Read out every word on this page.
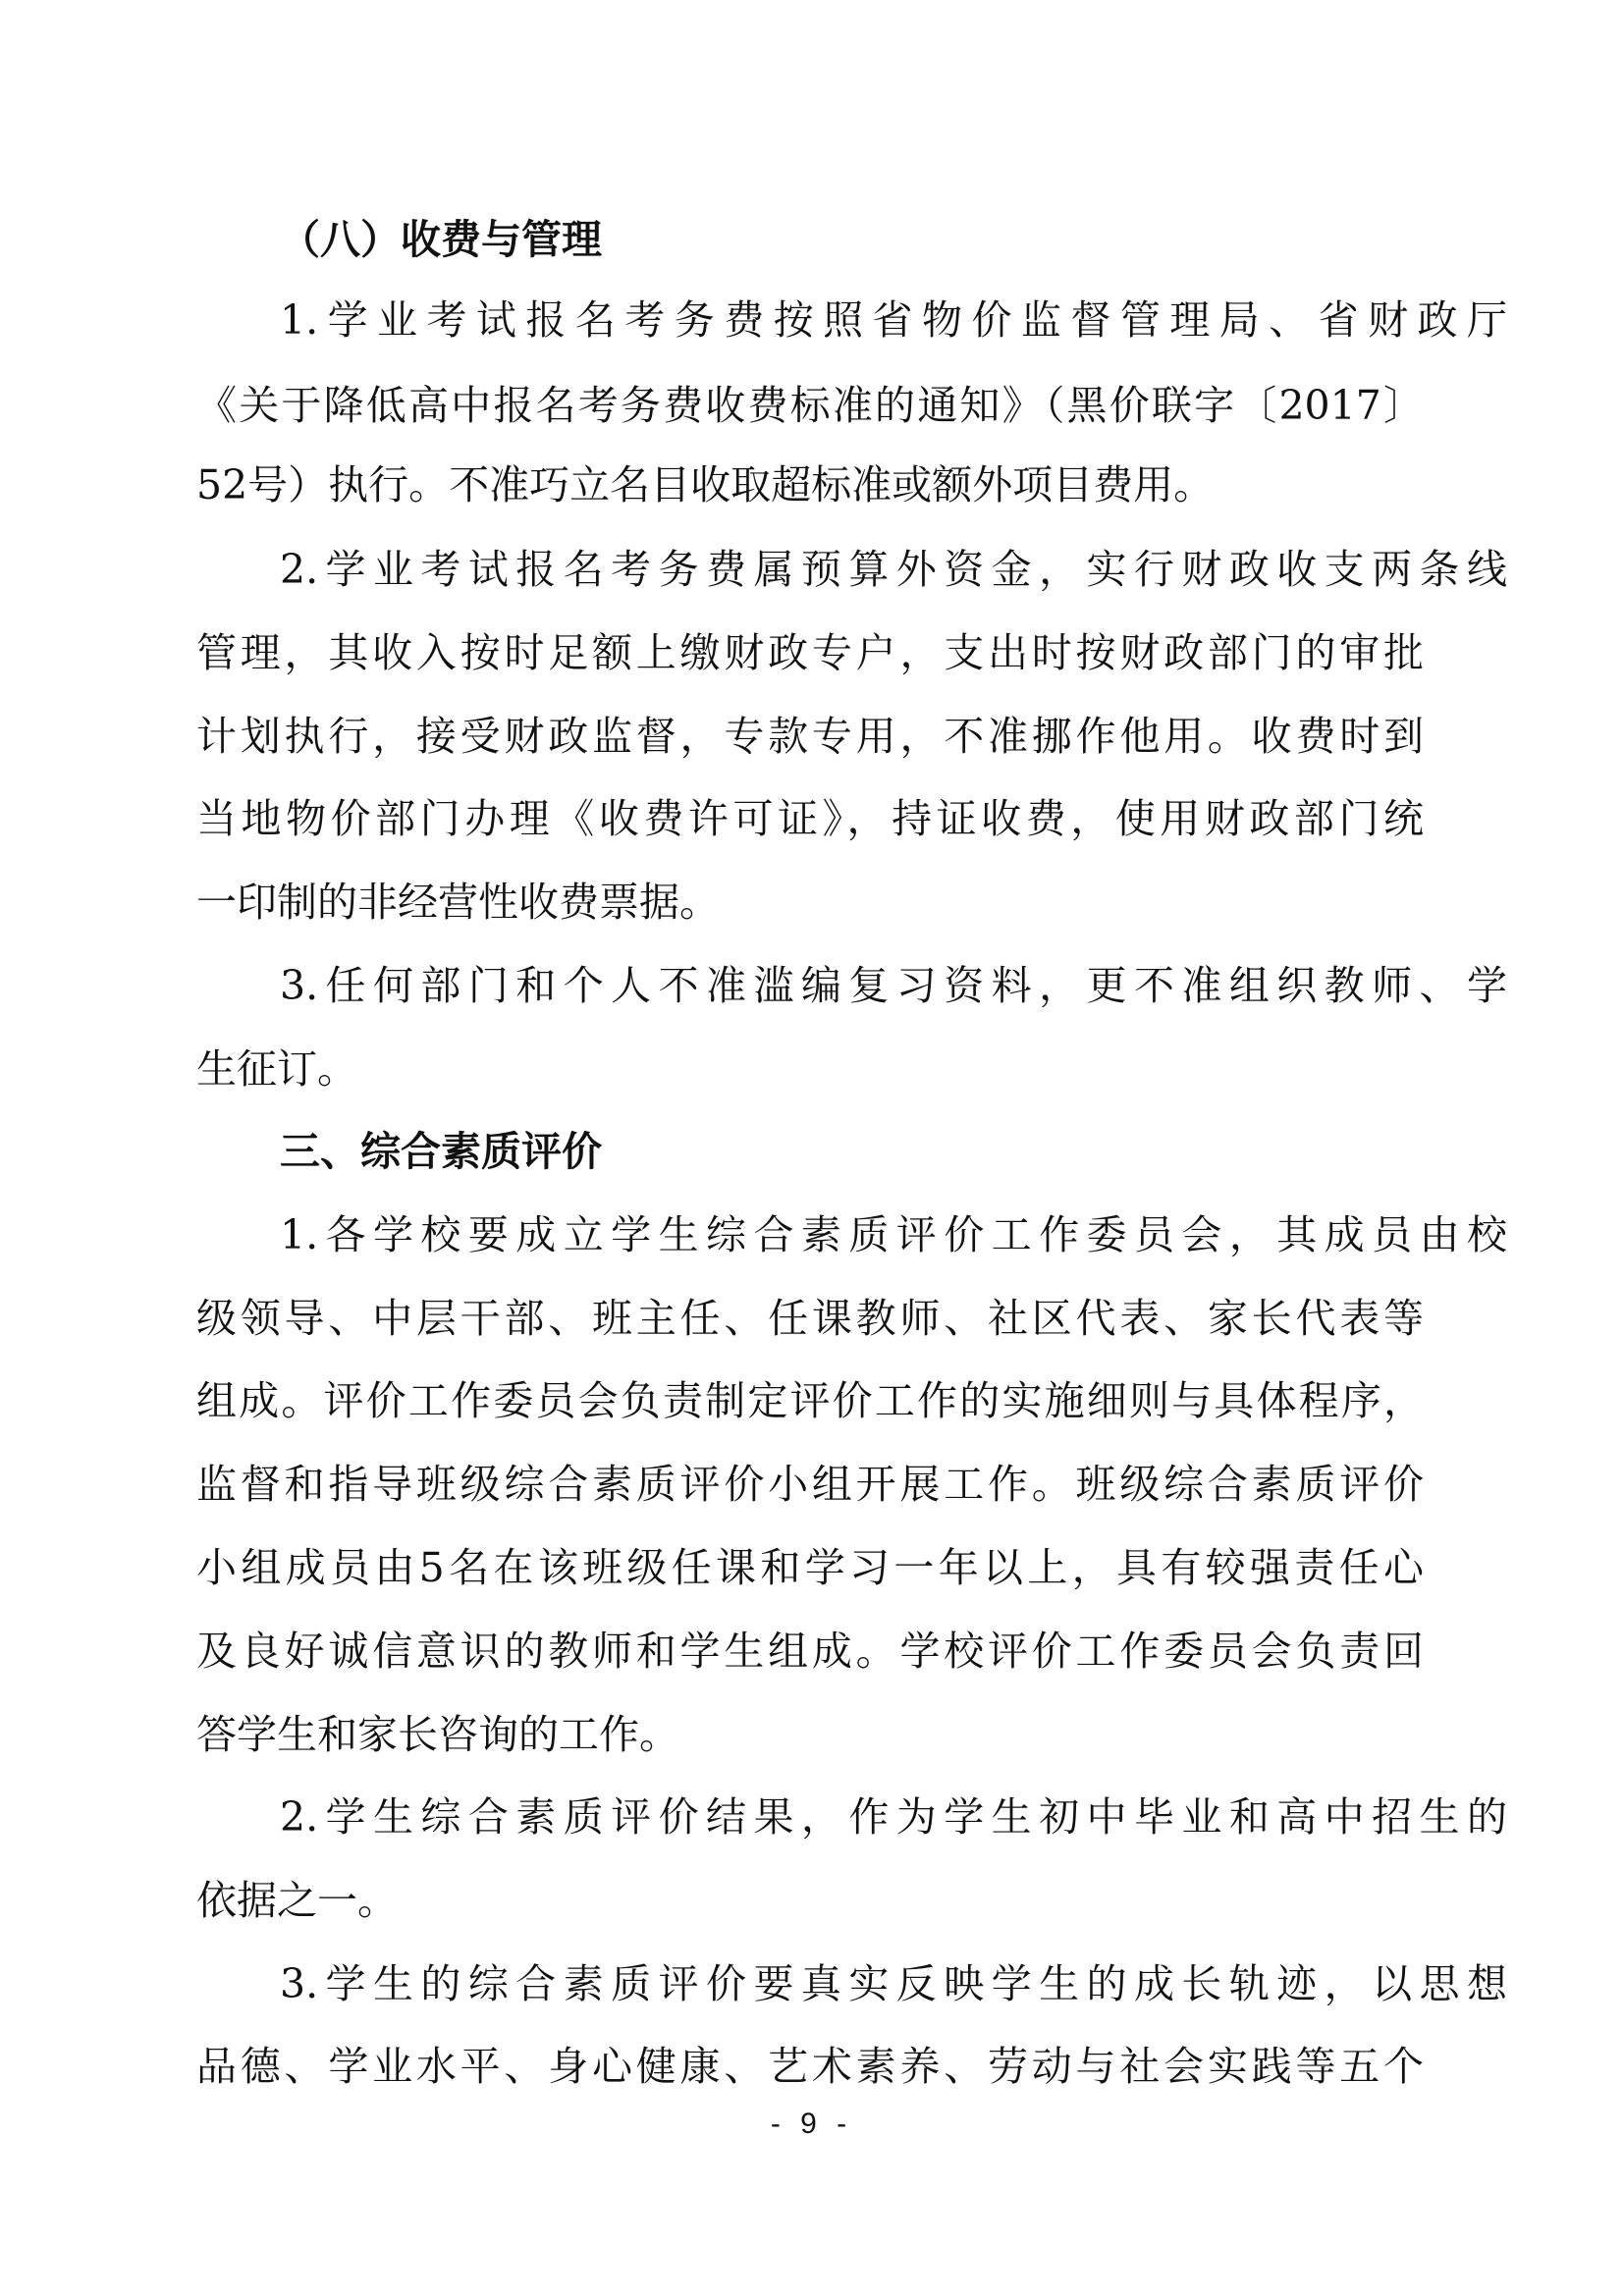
（八）收费与管理
1.学业考试报名考务费按照省物价监督管理局、省财政厅
《关于降低高中报名考务费收费标准的通知》（黑价联字〔2017〕
52号）执行。不准巧立名目收取超标准或额外项目费用。
2.学业考试报名考务费属预算外资金，实行财政收支两条线
管理，其收入按时足额上缴财政专户，支出时按财政部门的审批
计划执行，接受财政监督，专款专用，不准挪作他用。收费时到
当地物价部门办理《收费许可证》，持证收费，使用财政部门统
一印制的非经营性收费票据。
3.任何部门和个人不准滥编复习资料，更不准组织教师、学
生征订。
三、综合素质评价
1.各学校要成立学生综合素质评价工作委员会，其成员由校
级领导、中层干部、班主任、任课教师、社区代表、家长代表等
组成。评价工作委员会负责制定评价工作的实施细则与具体程序，
监督和指导班级综合素质评价小组开展工作。班级综合素质评价
小组成员由5名在该班级任课和学习一年以上，具有较强责任心
及良好诚信意识的教师和学生组成。学校评价工作委员会负责回
答学生和家长咨询的工作。
2.学生综合素质评价结果，作为学生初中毕业和高中招生的
依据之一。
3.学生的综合素质评价要真实反映学生的成长轨迹，以思想
品德、学业水平、身心健康、艺术素养、劳动与社会实践等五个
- 9 -
